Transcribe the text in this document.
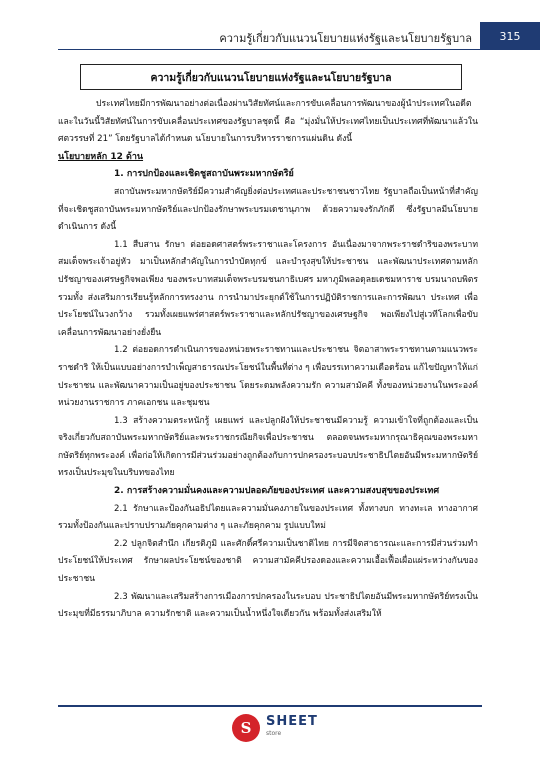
ความรู้เกี่ยวกับแนวนโยบายแห่งรัฐและนโยบายรัฐบาล	315
ความรู้เกี่ยวกับแนวนโยบายแห่งรัฐและนโยบายรัฐบาล

ประเทศไทยมีการพัฒนาอย่างต่อเนื่องผ่านวิสัยทัศน์และการขับเคลื่อนการพัฒนาของผู้นำประเทศในอดีต และในวันนี้วิสัยทัศน์ในการขับเคลื่อนประเทศของรัฐบาลชุดนี้ คือ “มุ่งมั่นให้ประเทศไทยเป็นประเทศที่พัฒนาแล้วในศตวรรษที่ 21” โดยรัฐบาลได้กำหนด นโยบายในการบริหารราชการแผ่นดิน ดังนี้

นโยบายหลัก 12 ด้าน

1. การปกป้องและเชิดชูสถาบันพระมหากษัตริย์

สถาบันพระมหากษัตริย์มีความสำคัญยิ่งต่อประเทศและประชาชนชาวไทย รัฐบาลถือเป็นหน้าที่สำคัญที่จะเชิดชูสถาบันพระมหากษัตริย์และปกป้องรักษาพระบรมเดชานุภาพ ด้วยความจงรักภักดี ซึ่งรัฐบาลมีนโยบายดำเนินการ ดังนี้

1.1 สืบสาน รักษา ต่อยอดศาสตร์พระราชาและโครงการ อันเนื่องมาจากพระราชดำริของพระบาทสมเด็จพระเจ้าอยู่หัว มาเป็นหลักสำคัญในการบำบัดทุกข์ และบำรุงสุขให้ประชาชน และพัฒนาประเทศตามหลักปรัชญาของเศรษฐกิจพอเพียง ของพระบาทสมเด็จพระบรมชนกาธิเบศร มหาภูมิพลอดุลยเดชมหาราช บรมนาถบพิตร รวมทั้ง ส่งเสริมการเรียนรู้หลักการทรงงาน การนำมาประยุกต์ใช้ในการปฏิบัติราชการและการพัฒนา ประเทศ เพื่อประโยชน์ในวงกว้าง รวมทั้งเผยแพร่ศาสตร์พระราชาและหลักปรัชญาของเศรษฐกิจ พอเพียงไปสู่เวทีโลกเพื่อขับเคลื่อนการพัฒนาอย่างยั่งยืน

1.2 ต่อยอดการดำเนินการของหน่วยพระราชทานและประชาชน จิตอาสาพระราชทานตามแนวพระราชดำริ ให้เป็นแบบอย่างการบำเพ็ญสาธารณประโยชน์ในพื้นที่ต่าง ๆ เพื่อบรรเทาความเดือดร้อน แก้ไขปัญหาให้แก่ประชาชน และพัฒนาความเป็นอยู่ของประชาชน โดยระดมพลังความรัก ความสามัคคี ทั้งของหน่วยงานในพระองค์ หน่วยงานราชการ ภาคเอกชน และชุมชน

1.3 สร้างความตระหนักรู้ เผยแพร่ และปลูกฝังให้ประชาชนมีความรู้ ความเข้าใจที่ถูกต้องและเป็นจริงเกี่ยวกับสถาบันพระมหากษัตริย์และพระราชกรณียกิจเพื่อประชาชน ตลอดจนพระมหากรุณาธิคุณของพระมหากษัตริย์ทุกพระองค์ เพื่อก่อให้เกิดการมีส่วนร่วมอย่างถูกต้องกับการปกครองระบอบประชาธิปไตยอันมีพระมหากษัตริย์ทรงเป็นประมุขในบริบทของไทย

2. การสร้างความมั่นคงและความปลอดภัยของประเทศ และความสงบสุขของประเทศ

2.1 รักษาและป้องกันอธิปไตยและความมั่นคงภายในของประเทศ ทั้งทางบก ทางทะเล ทางอากาศ รวมทั้งป้องกันและปราบปรามภัยคุกคามต่าง ๆ และภัยคุกคาม รูปแบบใหม่

2.2 ปลูกจิตสำนึก เกียรติภูมิ และศักดิ์ศรีความเป็นชาติไทย การมีจิตสาธารณะและการมีส่วนร่วมทำประโยชน์ให้ประเทศ รักษาผลประโยชน์ของชาติ ความสามัคคีปรองดองและความเอื้อเฟื้อเผื่อแผ่ระหว่างกันของประชาชน

2.3 พัฒนาและเสริมสร้างการเมืองการปกครองในระบอบ ประชาธิปไตยอันมีพระมหากษัตริย์ทรงเป็นประมุขที่มีธรรมาภิบาล ความรักชาติ และความเป็นน้ำหนึ่งใจเดียวกัน พร้อมทั้งส่งเสริมให้

S	SHEET
store
